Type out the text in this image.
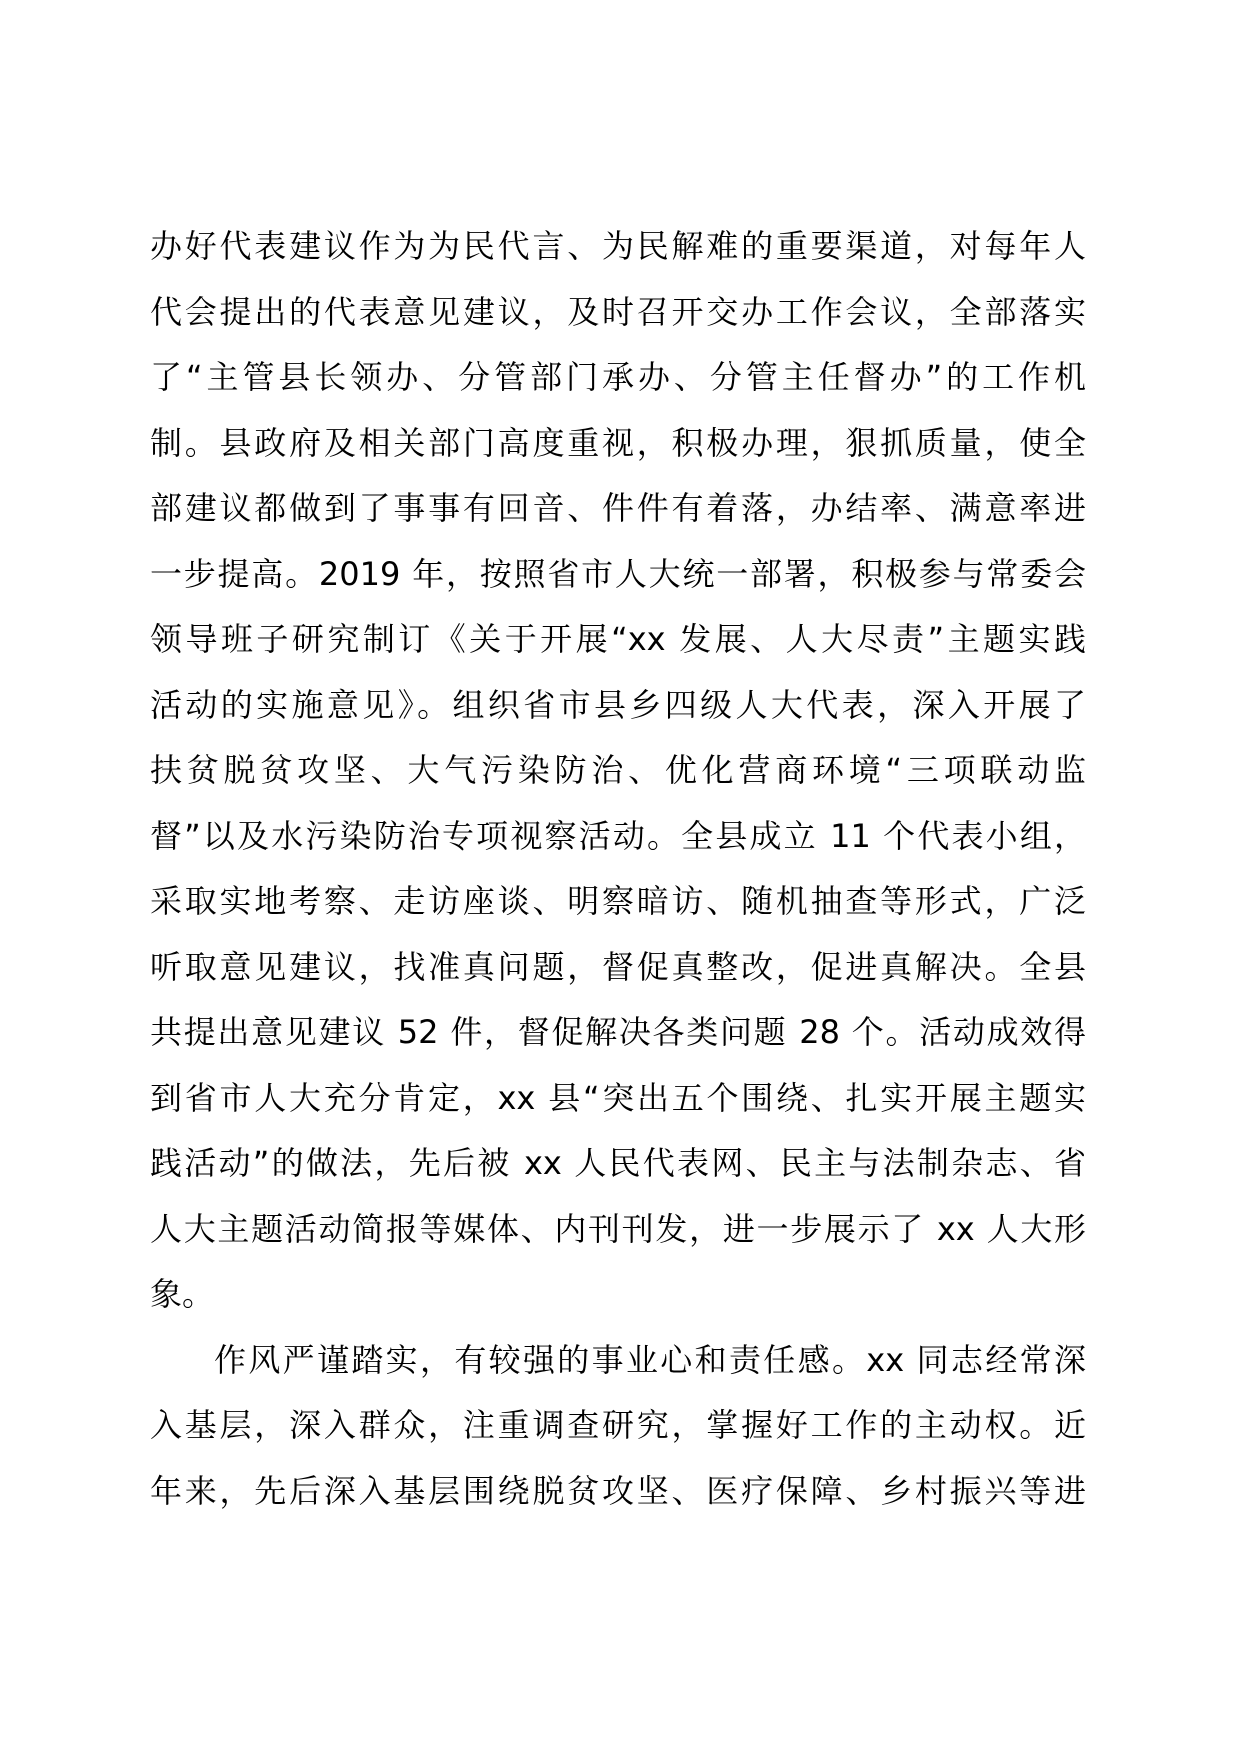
办好代表建议作为为民代言、为民解难的重要渠道，对每年人
代会提出的代表意见建议，及时召开交办工作会议，全部落实
了“主管县长领办、分管部门承办、分管主任督办”的工作机
制。县政府及相关部门高度重视，积极办理，狠抓质量，使全
部建议都做到了事事有回音、件件有着落，办结率、满意率进
一步提高。2019 年，按照省市人大统一部署，积极参与常委会
领导班子研究制订《关于开展“xx 发展、人大尽责”主题实践
活动的实施意见》。组织省市县乡四级人大代表，深入开展了
扶贫脱贫攻坚、大气污染防治、优化营商环境“三项联动监
督”以及水污染防治专项视察活动。全县成立 11 个代表小组，
采取实地考察、走访座谈、明察暗访、随机抽查等形式，广泛
听取意见建议，找准真问题，督促真整改，促进真解决。全县
共提出意见建议 52 件，督促解决各类问题 28 个。活动成效得
到省市人大充分肯定，xx 县“突出五个围绕、扎实开展主题实
践活动”的做法，先后被 xx 人民代表网、民主与法制杂志、省
人大主题活动简报等媒体、内刊刊发，进一步展示了 xx 人大形
象。
作风严谨踏实，有较强的事业心和责任感。xx 同志经常深
入基层，深入群众，注重调查研究，掌握好工作的主动权。近
年来，先后深入基层围绕脱贫攻坚、医疗保障、乡村振兴等进
